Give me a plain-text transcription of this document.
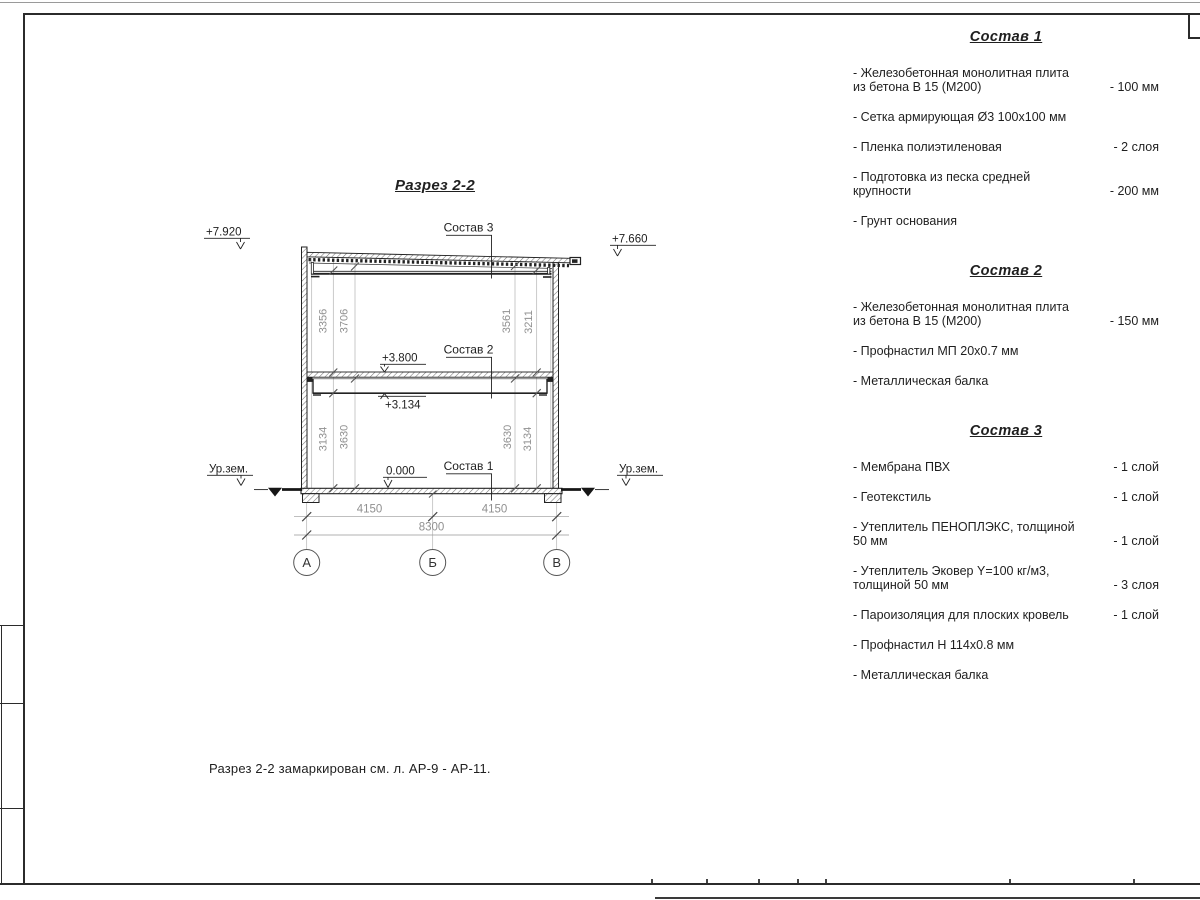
Разрез 2-2
Разрез 2-2 замаркирован см. л. АР-9 - АР-11.
3356 3706	3561 3211
3134 3630	3630 3134
4150	4150
8300
А	Б	В
+7.920
+7.660
+3.800
+3.134
0.000
Ур.зем.	Ур.зем.
Состав 3
Состав 2
Состав 1
Состав 1
- Железобетонная монолитная плита из бетона В 15 (М200)	- 100 мм
- Сетка армирующая Ø3 100х100 мм
- Пленка полиэтиленовая	- 2 слоя
- Подготовка из песка средней крупности	- 200 мм
- Грунт основания
Состав 2
- Железобетонная монолитная плита из бетона В 15 (М200)	- 150 мм
- Профнастил МП 20х0.7 мм
- Металлическая балка
Состав 3
- Мембрана ПВХ	- 1 слой
- Геотекстиль	- 1 слой
- Утеплитель ПЕНОПЛЭКС, толщиной 50 мм	- 1 слой
- Утеплитель Эковер Y=100 кг/м3, толщиной 50 мм	- 3 слоя
- Пароизоляция для плоских кровель	- 1 слой
- Профнастил Н 114х0.8 мм
- Металлическая балка
